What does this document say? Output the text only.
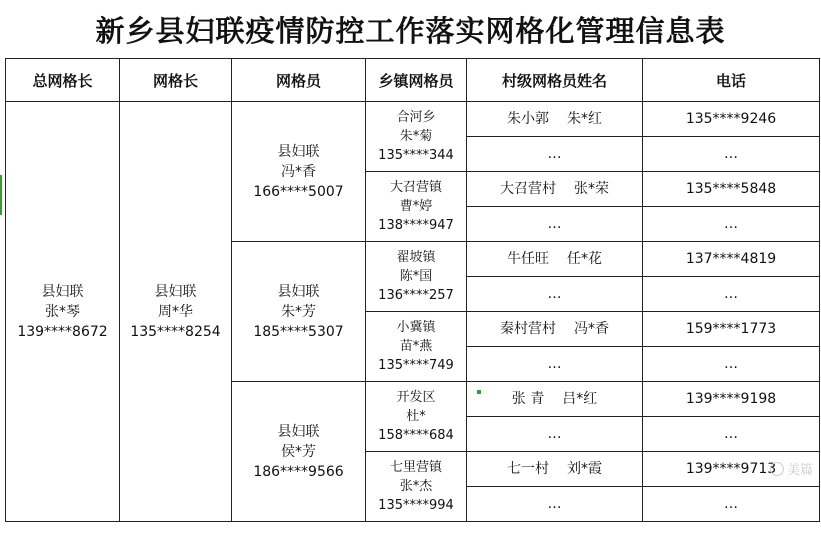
新乡县妇联疫情防控工作落实网格化管理信息表
总网格长	网格长	网格员	乡镇网格员	村级网格员姓名	电话

县妇联
张*琴
139****8672	县妇联
周*华
135****8254	县妇联
冯*香
166****5007	合河乡
朱*菊
135****344	朱小郭 朱*红	135****9246
				…	…

			大召营镇
曹*婷
138****947	大召营村 张*荣	135****5848
				…	…

		县妇联
朱*芳
185****5307	翟坡镇
陈*国
136****257	牛任旺 任*花	137****4819
				…	…

			小冀镇
苗*燕
135****749	秦村营村 冯*香	159****1773
				…	…

		县妇联
侯*芳
186****9566	开发区
杜*
158****684	张 青 吕*红	139****9198
				…	…

			七里营镇
张*杰
135****994	七一村 刘*霞	139****9713
				…	…
美篇
